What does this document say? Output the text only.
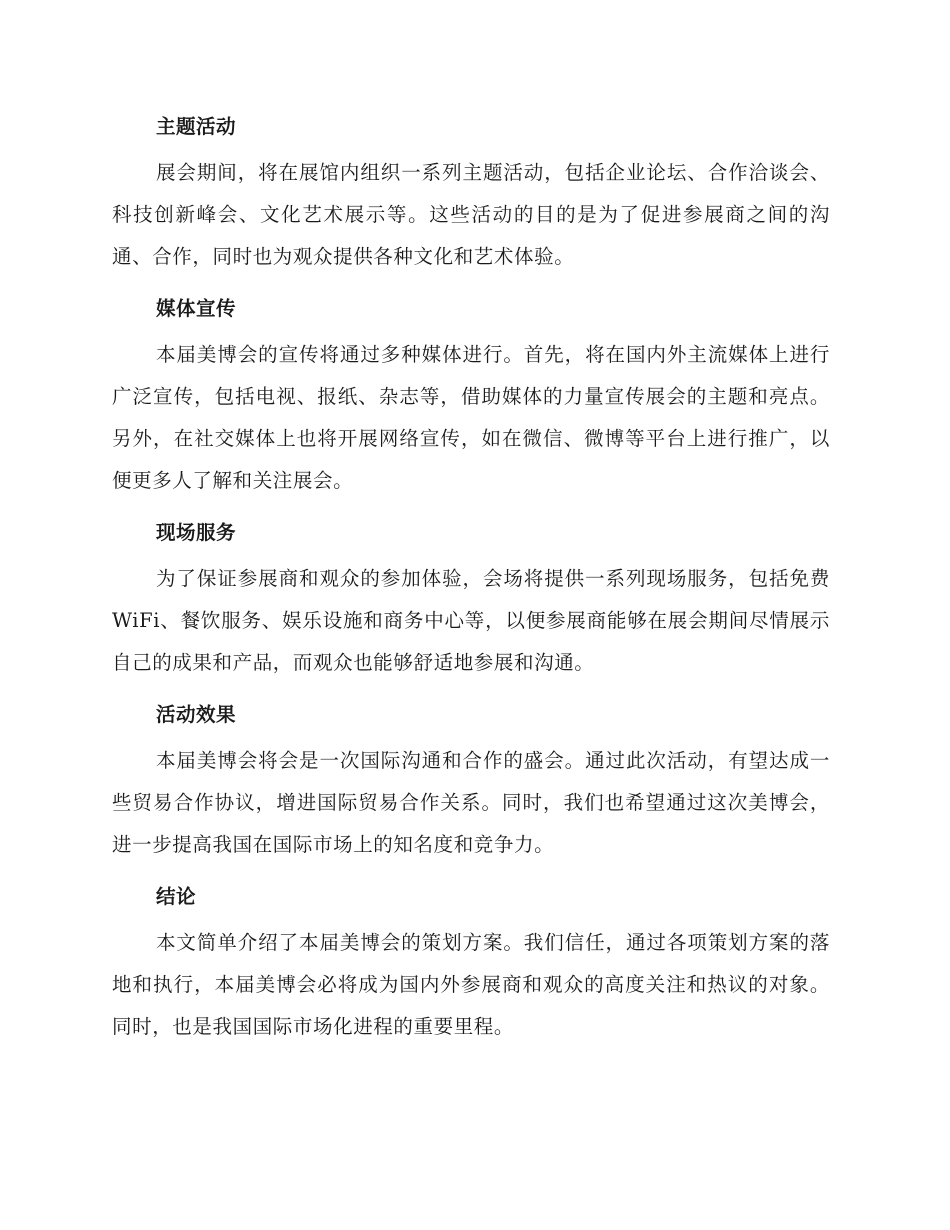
主题活动

展会期间，将在展馆内组织一系列主题活动，包括企业论坛、合作洽谈会、科技创新峰会、文化艺术展示等。这些活动的目的是为了促进参展商之间的沟通、合作，同时也为观众提供各种文化和艺术体验。

媒体宣传

本届美博会的宣传将通过多种媒体进行。首先，将在国内外主流媒体上进行广泛宣传，包括电视、报纸、杂志等，借助媒体的力量宣传展会的主题和亮点。另外，在社交媒体上也将开展网络宣传，如在微信、微博等平台上进行推广，以便更多人了解和关注展会。

现场服务

为了保证参展商和观众的参加体验，会场将提供一系列现场服务，包括免费WiFi、餐饮服务、娱乐设施和商务中心等，以便参展商能够在展会期间尽情展示自己的成果和产品，而观众也能够舒适地参展和沟通。

活动效果

本届美博会将会是一次国际沟通和合作的盛会。通过此次活动，有望达成一些贸易合作协议，增进国际贸易合作关系。同时，我们也希望通过这次美博会，进一步提高我国在国际市场上的知名度和竞争力。

结论

本文简单介绍了本届美博会的策划方案。我们信任，通过各项策划方案的落地和执行，本届美博会必将成为国内外参展商和观众的高度关注和热议的对象。同时，也是我国国际市场化进程的重要里程。
